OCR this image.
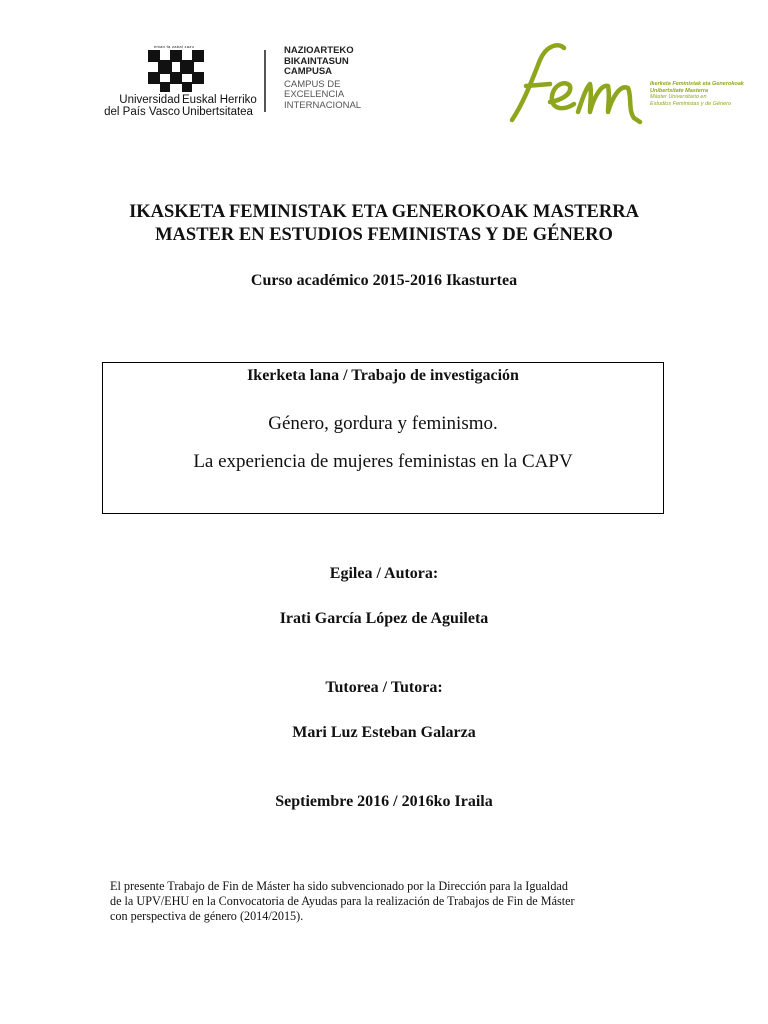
eman ta zabal zazu
Universidad
del País Vasco
Euskal Herriko
Unibertsitatea
NAZIOARTEKO
BIKAINTASUN
CAMPUSA
CAMPUS DE
EXCELENCIA
INTERNACIONAL
Ikerketa Feministak eta Generokoak
Unibertsitate Masterra
Máster Universitario en
Estudios Feministas y de Género
IKASKETA FEMINISTAK ETA GENEROKOAK MASTERRA
MASTER EN ESTUDIOS FEMINISTAS Y DE GÉNERO
Curso académico 2015-2016 Ikasturtea
Ikerketa lana / Trabajo de investigación
Género, gordura y feminismo.
La experiencia de mujeres feministas en la CAPV
Egilea / Autora:
Irati García López de Aguileta
Tutorea / Tutora:
Mari Luz Esteban Galarza
Septiembre 2016 / 2016ko Iraila
El presente Trabajo de Fin de Máster ha sido subvencionado por la Dirección para la Igualdad
de la UPV/EHU en la Convocatoria de Ayudas para la realización de Trabajos de Fin de Máster
con perspectiva de género (2014/2015).
